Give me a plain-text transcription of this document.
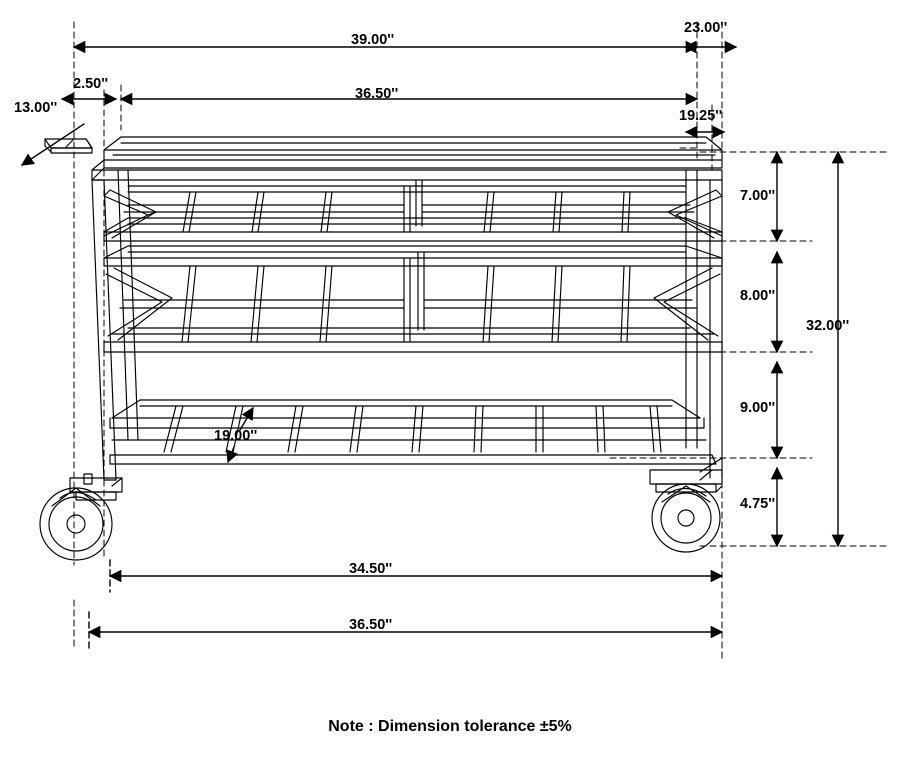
39.00''
23.00''
2.50''
36.50''
13.00''	19.25''
7.00''
8.00''
9.00''
4.75''
32.00''
19.00''
34.50''
36.50''
Note : Dimension tolerance ±5%
